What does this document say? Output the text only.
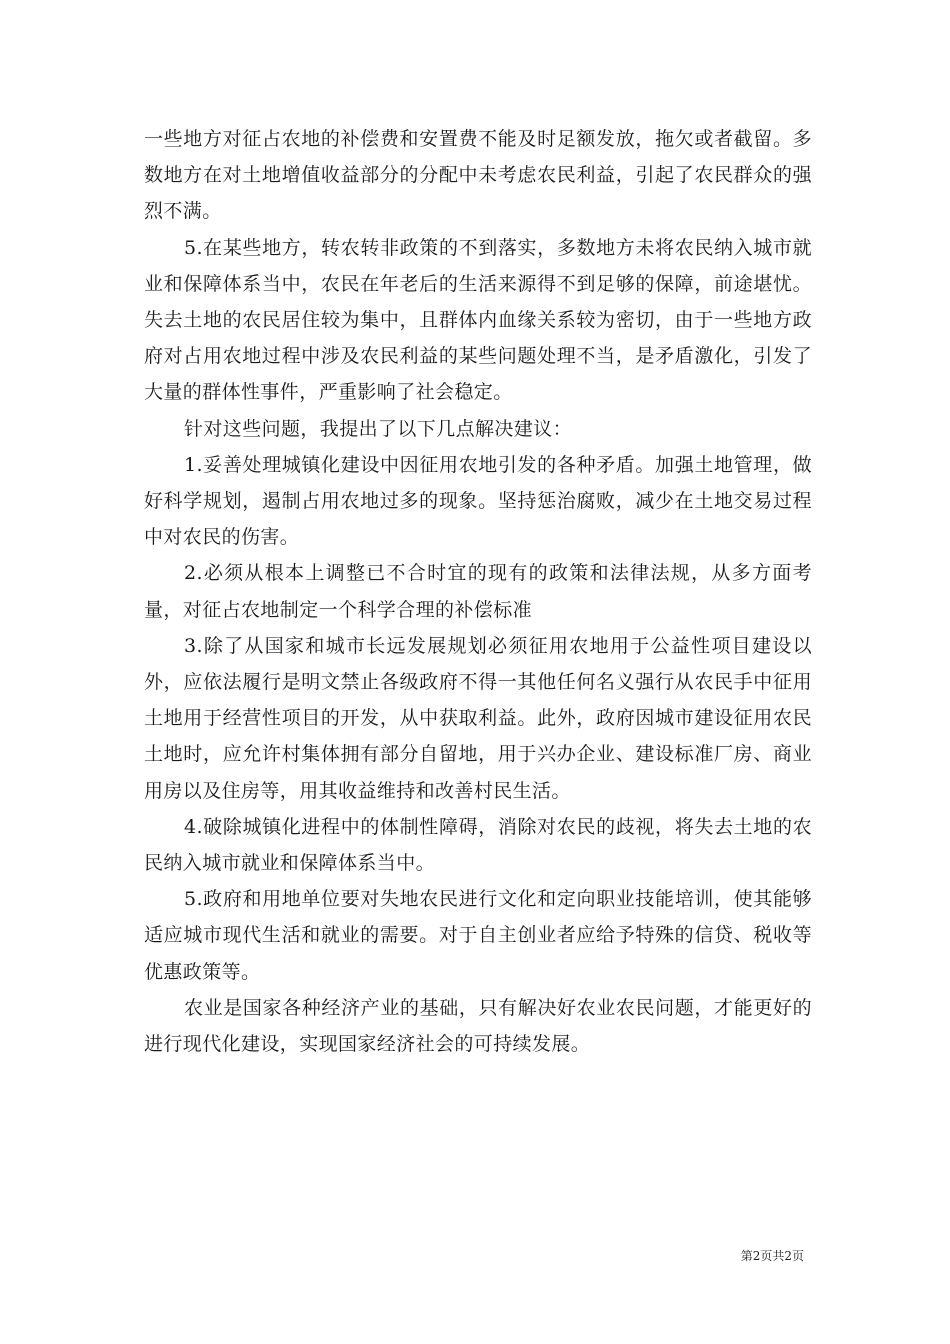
一些地方对征占农地的补偿费和安置费不能及时足额发放，拖欠或者截留。多数地方在对土地增值收益部分的分配中未考虑农民利益，引起了农民群众的强烈不满。

5.在某些地方，转农转非政策的不到落实，多数地方未将农民纳入城市就业和保障体系当中，农民在年老后的生活来源得不到足够的保障，前途堪忧。失去土地的农民居住较为集中，且群体内血缘关系较为密切，由于一些地方政府对占用农地过程中涉及农民利益的某些问题处理不当，是矛盾激化，引发了大量的群体性事件，严重影响了社会稳定。

针对这些问题，我提出了以下几点解决建议：

1.妥善处理城镇化建设中因征用农地引发的各种矛盾。加强土地管理，做好科学规划，遏制占用农地过多的现象。坚持惩治腐败，减少在土地交易过程中对农民的伤害。

2.必须从根本上调整已不合时宜的现有的政策和法律法规，从多方面考量，对征占农地制定一个科学合理的补偿标准

3.除了从国家和城市长远发展规划必须征用农地用于公益性项目建设以外，应依法履行是明文禁止各级政府不得一其他任何名义强行从农民手中征用土地用于经营性项目的开发，从中获取利益。此外，政府因城市建设征用农民土地时，应允许村集体拥有部分自留地，用于兴办企业、建设标准厂房、商业用房以及住房等，用其收益维持和改善村民生活。

4.破除城镇化进程中的体制性障碍，消除对农民的歧视，将失去土地的农民纳入城市就业和保障体系当中。

5.政府和用地单位要对失地农民进行文化和定向职业技能培训，使其能够适应城市现代生活和就业的需要。对于自主创业者应给予特殊的信贷、税收等优惠政策等。

农业是国家各种经济产业的基础，只有解决好农业农民问题，才能更好的进行现代化建设，实现国家经济社会的可持续发展。

第2页共2页
